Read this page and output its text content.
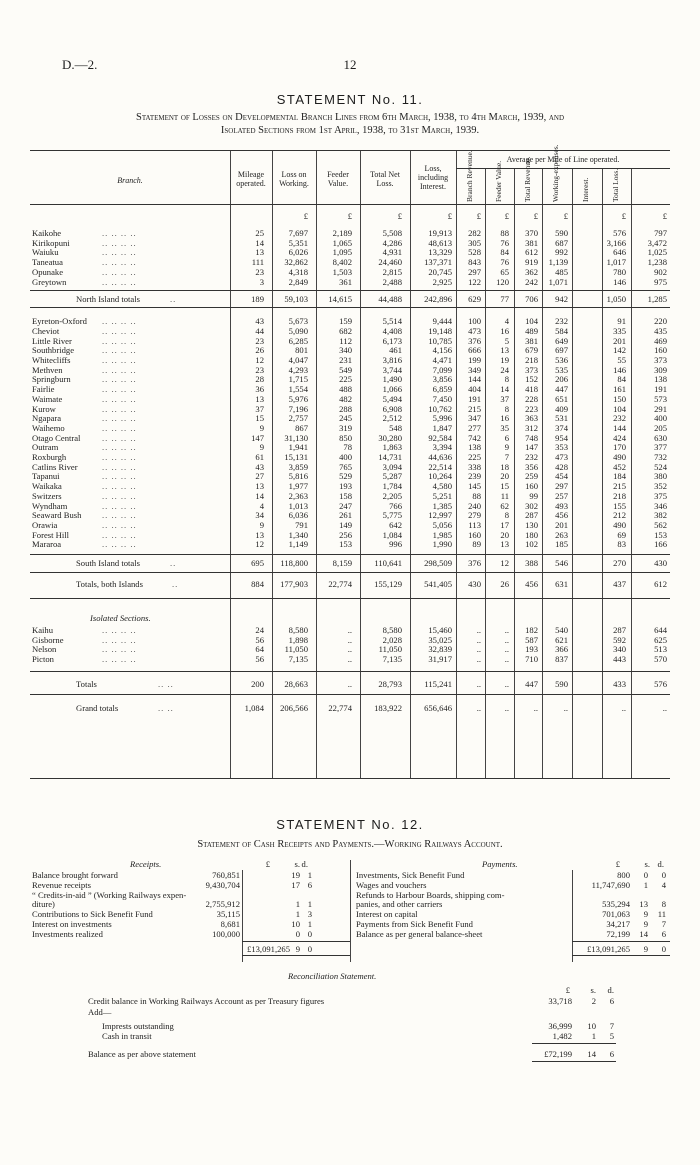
D.—2.	12
STATEMENT No. 11.
Statement of Losses on Developmental Branch Lines from 6th March, 1938, to 4th March, 1939, and
Isolated Sections from 1st April, 1938, to 31st March, 1939.
Branch.
Mileage
operated.
Loss on
Working.
Feeder
Value.
Total Net
Loss.
Loss,
including
Interest.
Average per Mile of Line operated.
Branch Revenue.	Feeder Value.	Total Revenue.	Working-expenses.	Interest.	Total Loss.
£	£	£	£	£	£	£	£	£	£
Kaikohe	.. .. .. ..	25	7,697	2,189	5,508	19,913	282	88	370	590	576	797
Kirikopuni	.. .. .. ..	14	5,351	1,065	4,286	48,613	305	76	381	687	3,166	3,472
Waiuku	.. .. .. ..	13	6,026	1,095	4,931	13,329	528	84	612	992	646	1,025
Taneatua	.. .. .. ..	111	32,862	8,402	24,460	137,371	843	76	919	1,139	1,017	1,238
Opunake	.. .. .. ..	23	4,318	1,503	2,815	20,745	297	65	362	485	780	902
Greytown	.. .. .. ..	3	2,849	361	2,488	2,925	122	120	242	1,071	146	975
North Island totals	..	189	59,103	14,615	44,488	242,896	629	77	706	942	1,050	1,285
Eyreton-Oxford .. .. .. ..	43	5,673	159	5,514	9,444	100	4	104	232	91	220
Cheviot	.. .. .. ..	44	5,090	682	4,408	19,148	473	16	489	584	335	435
Little River	.. .. .. ..	23	6,285	112	6,173	10,785	376	5	381	649	201	469
Southbridge	.. .. .. ..	26	801	340	461	4,156	666	13	679	697	142	160
Whitecliffs	.. .. .. ..	12	4,047	231	3,816	4,471	199	19	218	536	55	373
Methven	.. .. .. ..	23	4,293	549	3,744	7,099	349	24	373	535	146	309
Springburn	.. .. .. ..	28	1,715	225	1,490	3,856	144	8	152	206	84	138
Fairlie	.. .. .. ..	36	1,554	488	1,066	6,859	404	14	418	447	161	191
Waimate	.. .. .. ..	13	5,976	482	5,494	7,450	191	37	228	651	150	573
Kurow	.. .. .. ..	37	7,196	288	6,908	10,762	215	8	223	409	104	291
Ngapara	.. .. .. ..	15	2,757	245	2,512	5,996	347	16	363	531	232	400
Waihemo	.. .. .. ..	9	867	319	548	1,847	277	35	312	374	144	205
Otago Central	.. .. .. ..	147	31,130	850	30,280	92,584	742	6	748	954	424	630
Outram	.. .. .. ..	9	1,941	78	1,863	3,394	138	9	147	353	170	377
Roxburgh	.. .. .. ..	61	15,131	400	14,731	44,636	225	7	232	473	490	732
Catlins River	.. .. .. ..	43	3,859	765	3,094	22,514	338	18	356	428	452	524
Tapanui	.. .. .. ..	27	5,816	529	5,287	10,264	239	20	259	454	184	380
Waikaka	.. .. .. ..	13	1,977	193	1,784	4,580	145	15	160	297	215	352
Switzers	.. .. .. ..	14	2,363	158	2,205	5,251	88	11	99	257	218	375
Wyndham	.. .. .. ..	4	1,013	247	766	1,385	240	62	302	493	155	346
Seaward Bush .. .. .. ..	34	6,036	261	5,775	12,997	279	8	287	456	212	382
Orawia	.. .. .. ..	9	791	149	642	5,056	113	17	130	201	490	562
Forest Hill	.. .. .. ..	13	1,340	256	1,084	1,985	160	20	180	263	69	153
Mararoa	.. .. .. ..	12	1,149	153	996	1,990	89	13	102	185	83	166
South Island totals	..	695	118,800	8,159	110,641	298,509	376	12	388	546	270	430
Totals, both Islands	..	884	177,903	22,774	155,129	541,405	430	26	456	631	437	612
Isolated Sections.
Kaihu	.. .. .. ..	24	8,580	..	8,580	15,460	..	..	182	540	287	644
Gisborne	.. .. .. ..	56	1,898	..	2,028	35,025	..	..	587	621	592	625
Nelson	.. .. .. ..	64	11,050	..	11,050	32,839	..	..	193	366	340	513
Picton	.. .. .. ..	56	7,135	..	7,135	31,917	..	..	710	837	443	570
Totals	.. ..	200	28,663	..	28,793	115,241	..	..	447	590	433	576
Grand totals	.. ..	1,084	206,566	22,774	183,922	656,646	..	..	..	..	..	..
STATEMENT No. 12.
Statement of Cash Receipts and Payments.—Working Railways Account.
Receipts.	Payments.
£	s. d.	£	s. d.
Balance brought forward	760,851	19 1
Revenue receipts	9,430,704	17 6
“ Credits-in-aid ” (Working Railways expen-
diture)	2,755,912	1 1
Contributions to Sick Benefit Fund	35,115	1 3
Interest on investments	8,681	10 1
Investments realized	100,000	0 0
Investments, Sick Benefit Fund	800	0	0
Wages and vouchers	11,747,690	1	4
Refunds to Harbour Boards, shipping com-
panies, and other carriers	535,294	13	8
Interest on capital	701,063	9	11
Payments from Sick Benefit Fund	34,217	9	7
Balance as per general balance-sheet	72,199	14	6
£13,091,265 9 0	£13,091,265	9	0
Reconciliation Statement.
£	s.	d.
Credit balance in Working Railways Account as per Treasury figures	33,718	2	6
Add—
Imprests outstanding	36,999	10	7
Cash in transit	1,482	1	5
Balance as per above statement	£72,199	14	6
